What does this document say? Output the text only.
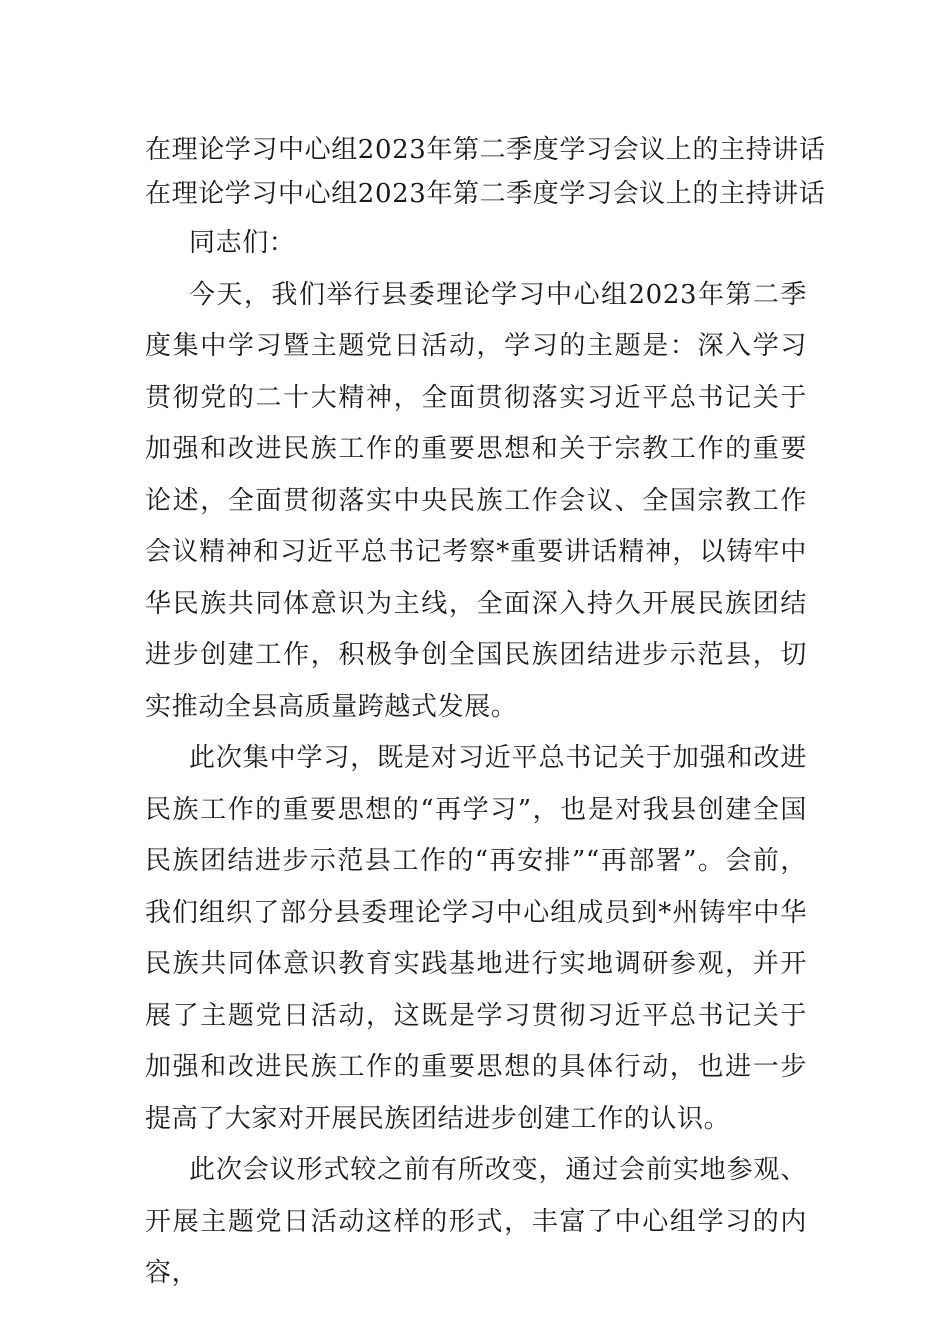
在理论学习中心组2023年第二季度学习会议上的主持讲话
在理论学习中心组2023年第二季度学习会议上的主持讲话

同志们：

今天，我们举行县委理论学习中心组2023年第二季度集中学习暨主题党日活动，学习的主题是：深入学习贯彻党的二十大精神，全面贯彻落实习近平总书记关于加强和改进民族工作的重要思想和关于宗教工作的重要论述，全面贯彻落实中央民族工作会议、全国宗教工作会议精神和习近平总书记考察*重要讲话精神，以铸牢中华民族共同体意识为主线，全面深入持久开展民族团结进步创建工作，积极争创全国民族团结进步示范县，切实推动全县高质量跨越式发展。

此次集中学习，既是对习近平总书记关于加强和改进民族工作的重要思想的“再学习”，也是对我县创建全国民族团结进步示范县工作的“再安排”“再部署”。会前，我们组织了部分县委理论学习中心组成员到*州铸牢中华民族共同体意识教育实践基地进行实地调研参观，并开展了主题党日活动，这既是学习贯彻习近平总书记关于加强和改进民族工作的重要思想的具体行动，也进一步提高了大家对开展民族团结进步创建工作的认识。

此次会议形式较之前有所改变，通过会前实地参观、开展主题党日活动这样的形式，丰富了中心组学习的内容，
